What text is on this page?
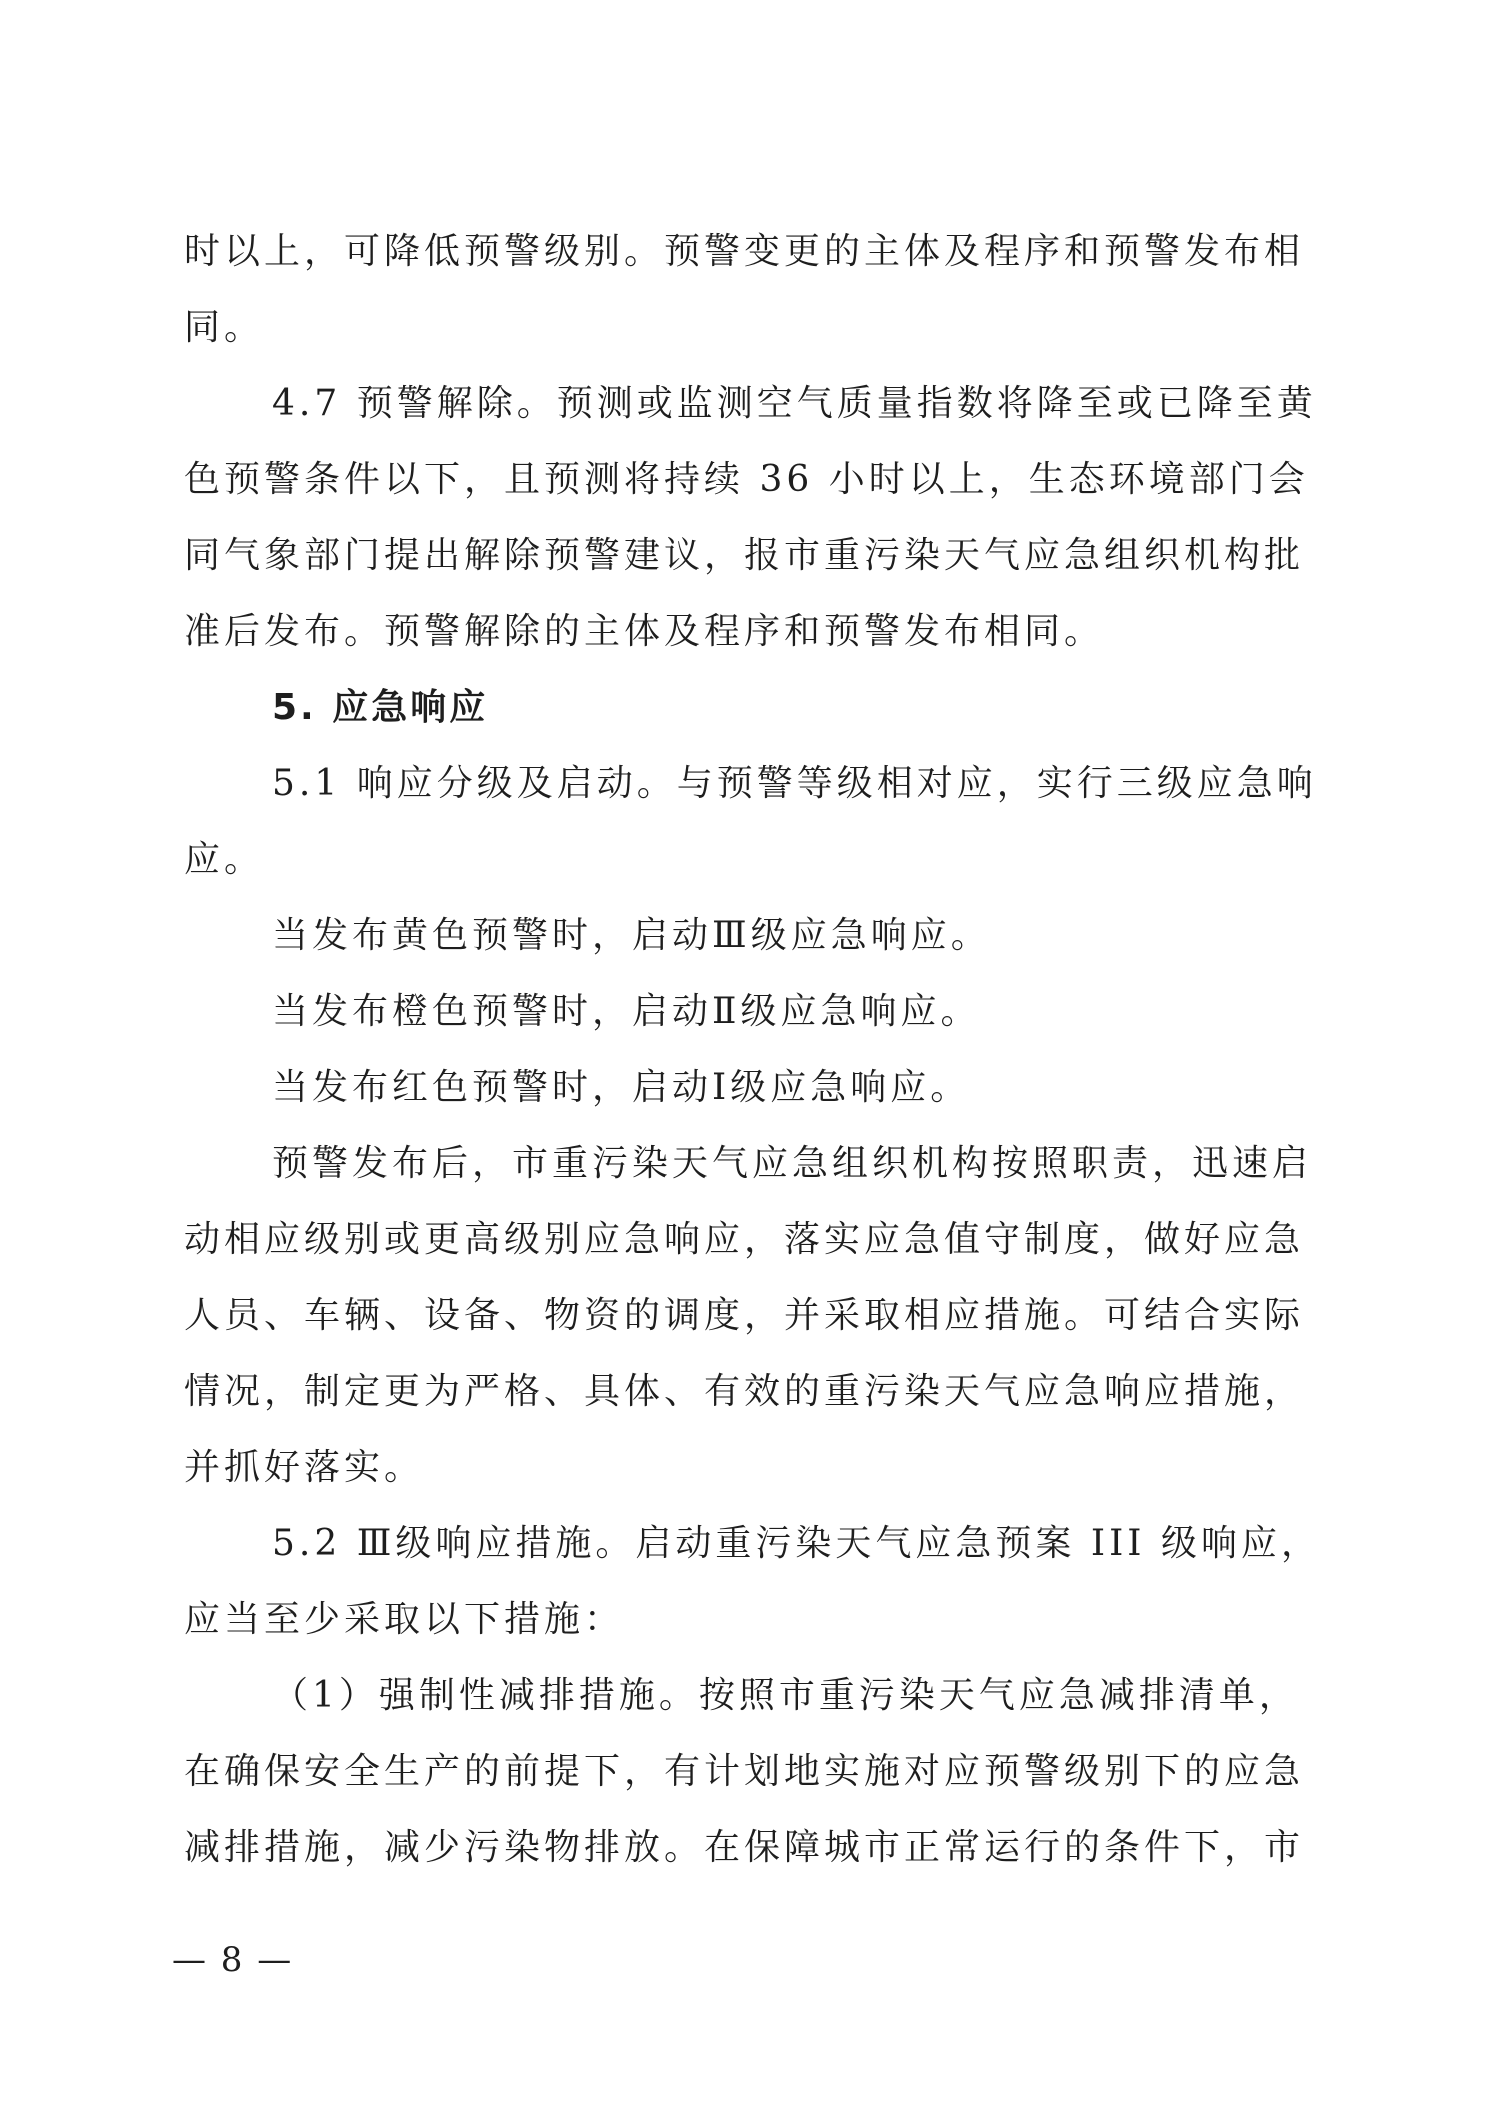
时以上，可降低预警级别。预警变更的主体及程序和预警发布相
同。
4.7 预警解除。预测或监测空气质量指数将降至或已降至黄
色预警条件以下，且预测将持续 36 小时以上，生态环境部门会
同气象部门提出解除预警建议，报市重污染天气应急组织机构批
准后发布。预警解除的主体及程序和预警发布相同。
5. 应急响应
5.1 响应分级及启动。与预警等级相对应，实行三级应急响
应。
当发布黄色预警时，启动Ⅲ级应急响应。
当发布橙色预警时，启动Ⅱ级应急响应。
当发布红色预警时，启动Ⅰ级应急响应。
预警发布后，市重污染天气应急组织机构按照职责，迅速启
动相应级别或更高级别应急响应，落实应急值守制度，做好应急
人员、车辆、设备、物资的调度，并采取相应措施。可结合实际
情况，制定更为严格、具体、有效的重污染天气应急响应措施，
并抓好落实。
5.2 Ⅲ级响应措施。启动重污染天气应急预案 III 级响应，
应当至少采取以下措施：
（1）强制性减排措施。按照市重污染天气应急减排清单，
在确保安全生产的前提下，有计划地实施对应预警级别下的应急
减排措施，减少污染物排放。在保障城市正常运行的条件下，市
— 8 —
